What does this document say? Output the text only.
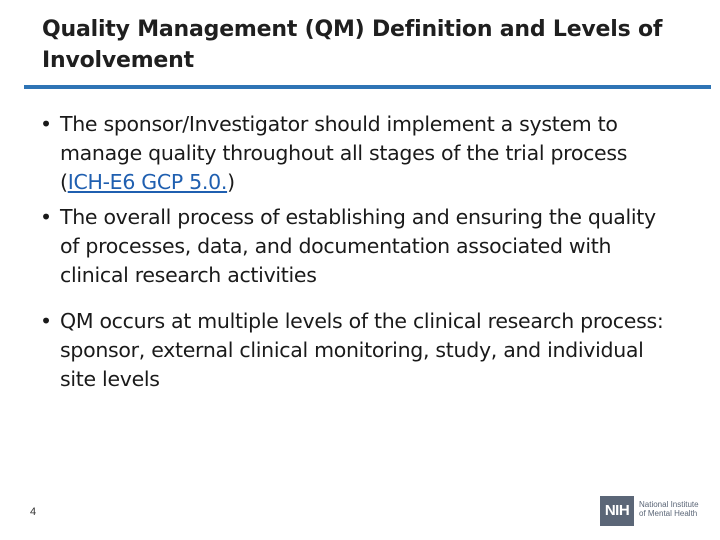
Quality Management (QM) Definition and Levels of Involvement
• The sponsor/Investigator should implement a system to manage quality throughout all stages of the trial process (ICH-E6 GCP 5.0.)
• The overall process of establishing and ensuring the quality of processes, data, and documentation associated with clinical research activities
• QM occurs at multiple levels of the clinical research process: sponsor, external clinical monitoring, study, and individual site levels
4	NIH	National Institute
of Mental Health
